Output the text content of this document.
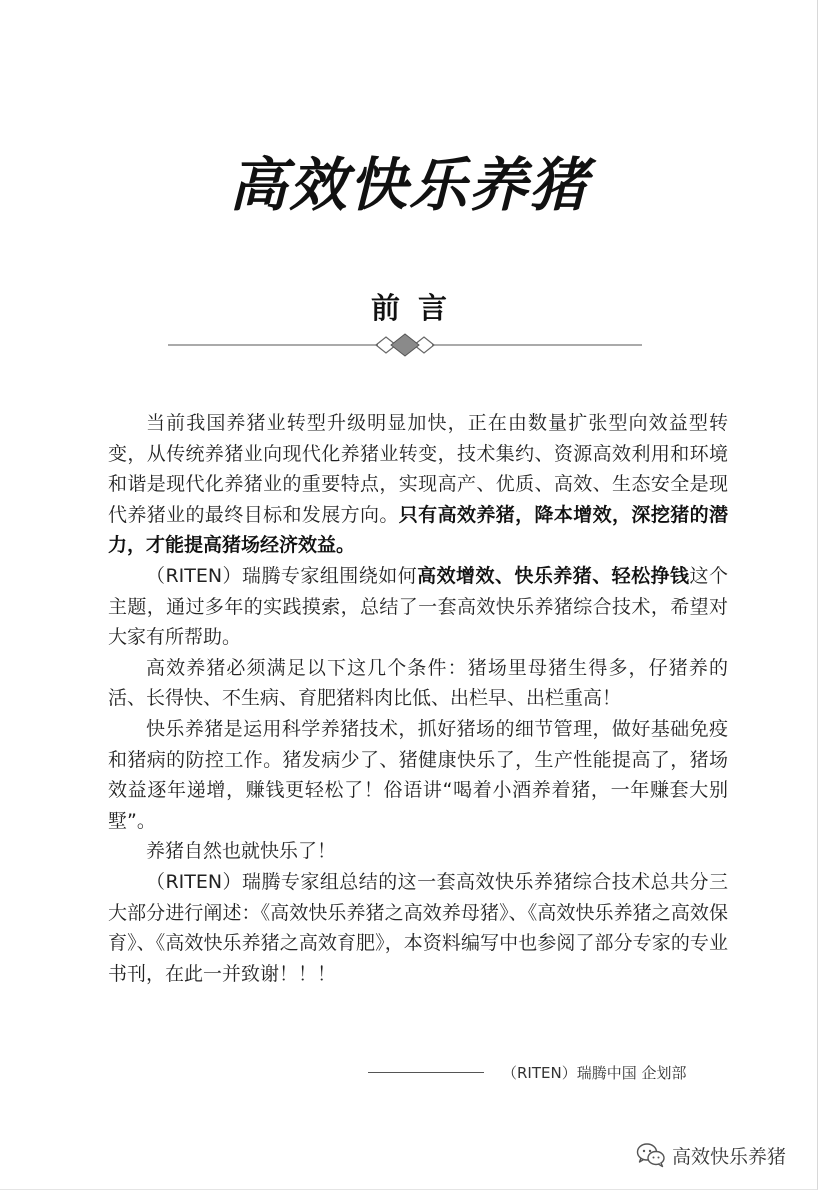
高效快乐养猪
前言

当前我国养猪业转型升级明显加快，正在由数量扩张型向效益型转变，从传统养猪业向现代化养猪业转变，技术集约、资源高效利用和环境和谐是现代化养猪业的重要特点，实现高产、优质、高效、生态安全是现代养猪业的最终目标和发展方向。只有高效养猪，降本增效，深挖猪的潜力，才能提高猪场经济效益。

（RITEN）瑞腾专家组围绕如何高效增效、快乐养猪、轻松挣钱这个主题，通过多年的实践摸索，总结了一套高效快乐养猪综合技术，希望对大家有所帮助。

高效养猪必须满足以下这几个条件：猪场里母猪生得多，仔猪养的活、长得快、不生病、育肥猪料肉比低、出栏早、出栏重高！

快乐养猪是运用科学养猪技术，抓好猪场的细节管理，做好基础免疫和猪病的防控工作。猪发病少了、猪健康快乐了，生产性能提高了，猪场效益逐年递增，赚钱更轻松了！俗语讲“喝着小酒养着猪，一年赚套大别墅”。

养猪自然也就快乐了！

（RITEN）瑞腾专家组总结的这一套高效快乐养猪综合技术总共分三大部分进行阐述：《高效快乐养猪之高效养母猪》、《高效快乐养猪之高效保育》、《高效快乐养猪之高效育肥》，本资料编写中也参阅了部分专家的专业书刊，在此一并致谢！！！

（RITEN）瑞腾中国 企划部
高效快乐养猪
